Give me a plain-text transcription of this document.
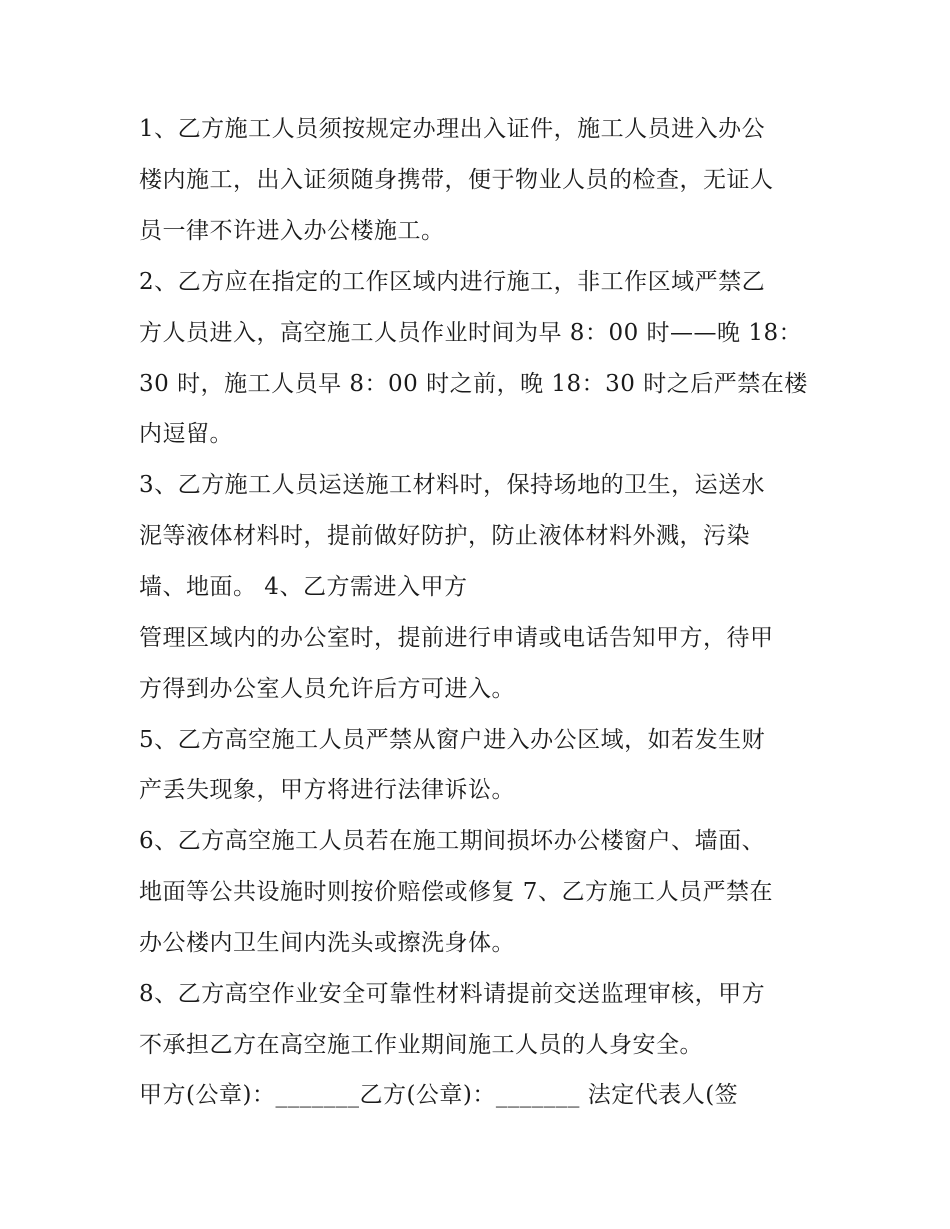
1、乙方施工人员须按规定办理出入证件，施工人员进入办公
楼内施工，出入证须随身携带，便于物业人员的检查，无证人
员一律不许进入办公楼施工。
2、乙方应在指定的工作区域内进行施工，非工作区域严禁乙
方人员进入，高空施工人员作业时间为早 8：00 时——晚 18：
30 时，施工人员早 8：00 时之前，晚 18：30 时之后严禁在楼
内逗留。
3、乙方施工人员运送施工材料时，保持场地的卫生，运送水
泥等液体材料时，提前做好防护，防止液体材料外溅，污染
墙、地面。 4、乙方需进入甲方
管理区域内的办公室时，提前进行申请或电话告知甲方，待甲
方得到办公室人员允许后方可进入。
5、乙方高空施工人员严禁从窗户进入办公区域，如若发生财
产丢失现象，甲方将进行法律诉讼。
6、乙方高空施工人员若在施工期间损坏办公楼窗户、墙面、
地面等公共设施时则按价赔偿或修复 7、乙方施工人员严禁在
办公楼内卫生间内洗头或擦洗身体。
8、乙方高空作业安全可靠性材料请提前交送监理审核，甲方
不承担乙方在高空施工作业期间施工人员的人身安全。
甲方(公章)：_______乙方(公章)：_______ 法定代表人(签
